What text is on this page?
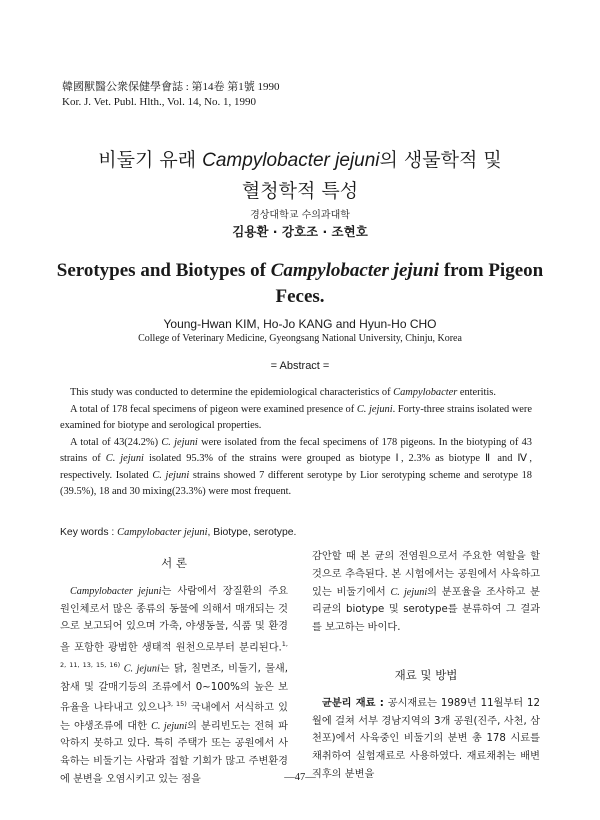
韓國獸醫公衆保健學會誌 : 第14卷 第1號 1990
Kor. J. Vet. Publ. Hlth., Vol. 14, No. 1, 1990
비둘기 유래 Campylobacter jejuni의 생물학적 및
혈청학적 특성
경상대학교 수의과대학
김용환 · 강호조 · 조현호
Serotypes and Biotypes of Campylobacter jejuni from Pigeon Feces.
Young-Hwan KIM, Ho-Jo KANG and Hyun-Ho CHO
College of Veterinary Medicine, Gyeongsang National University, Chinju, Korea
= Abstract =

This study was conducted to determine the epidemiological characteristics of Campylobacter enteritis.

A total of 178 fecal specimens of pigeon were examined presence of C. jejuni. Forty-three strains isolated were examined for biotype and serological properties.

A total of 43(24.2%) C. jejuni were isolated from the fecal specimens of 178 pigeons. In the biotyping of 43 strains of C. jejuni isolated 95.3% of the strains were grouped as biotype Ⅰ, 2.3% as biotype Ⅱ and Ⅳ, respectively. Isolated C. jejuni strains showed 7 different serotype by Lior serotyping scheme and serotype 18 (39.5%), 18 and 30 mixing(23.3%) were most frequent.

Key words : Campylobacter jejuni, Biotype, serotype.
서 론

Campylobacter jejuni는 사람에서 장질환의 주요 원인체로서 많은 종류의 동물에 의해서 매개되는 것으로 보고되어 있으며 가축, 야생동물, 식품 및 환경을 포함한 광범한 생태적 원천으로부터 분리된다.$^{1, 2, 11, 13, 15, 16)}$ C. jejuni는 닭, 칠면조, 비둘기, 물새, 참새 및 갈매기등의 조류에서 0~100%의 높은 보유율을 나타내고 있으나$^{3, 15)}$ 국내에서 서식하고 있는 야생조류에 대한 C. jejuni의 분리빈도는 전혀 파악하지 못하고 있다. 특히 주택가 또는 공원에서 사육하는 비둘기는 사람과 접할 기회가 많고 주변환경에 분변을 오염시키고 있는 점을

감안할 때 본 균의 전염원으로서 주요한 역할을 할 것으로 추측된다. 본 시험에서는 공원에서 사육하고 있는 비둘기에서 C. jejuni의 분포율을 조사하고 분리균의 biotype 및 serotype를 분류하여 그 결과를 보고하는 바이다.

재료 및 방법

균분리 재료 : 공시재료는 1989년 11월부터 12월에 걸쳐 서부 경남지역의 3개 공원(진주, 사천, 삼천포)에서 사육중인 비둘기의 분변 총 178 시료를 채취하여 실험재료로 사용하였다. 재료채취는 배변직후의 분변을

—47—
